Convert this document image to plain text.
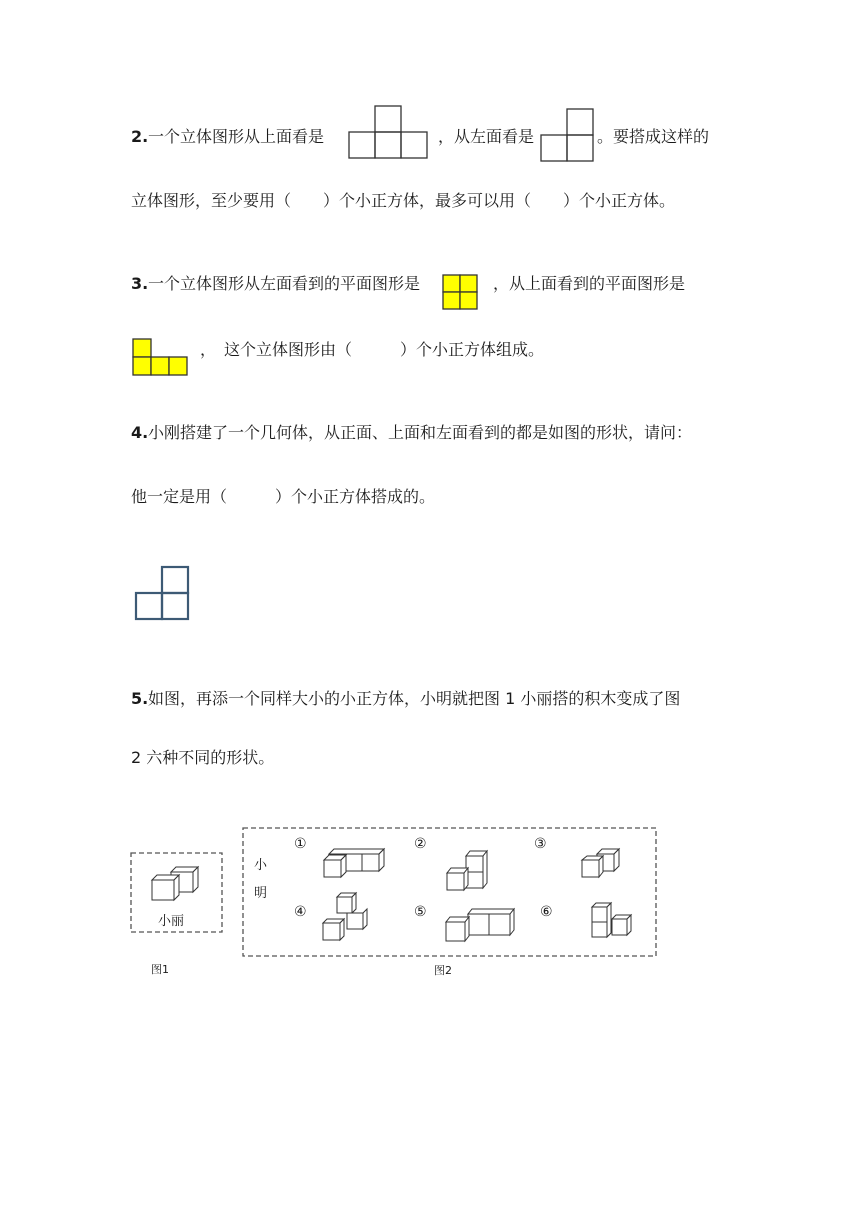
2. 一个立体图形从上面看是	，从左面看是	。要搭成这样的
立体图形，至少要用（　　）个小正方体，最多可以用（　　）个小正方体。
3. 一个立体图形从左面看到的平面图形是	，从上面看到的平面图形是
，　这个立体图形由（　　　）个小正方体组成。
4. 小刚搭建了一个几何体，从正面、上面和左面看到的都是如图的形状，请问：
他一定是用（　　　）个小正方体搭成的。
5. 如图，再添一个同样大小的小正方体，小明就把图 1 小丽搭的积木变成了图
2 六种不同的形状。
小丽
图1
小
明
①	②	③
④	⑤	⑥
图2
